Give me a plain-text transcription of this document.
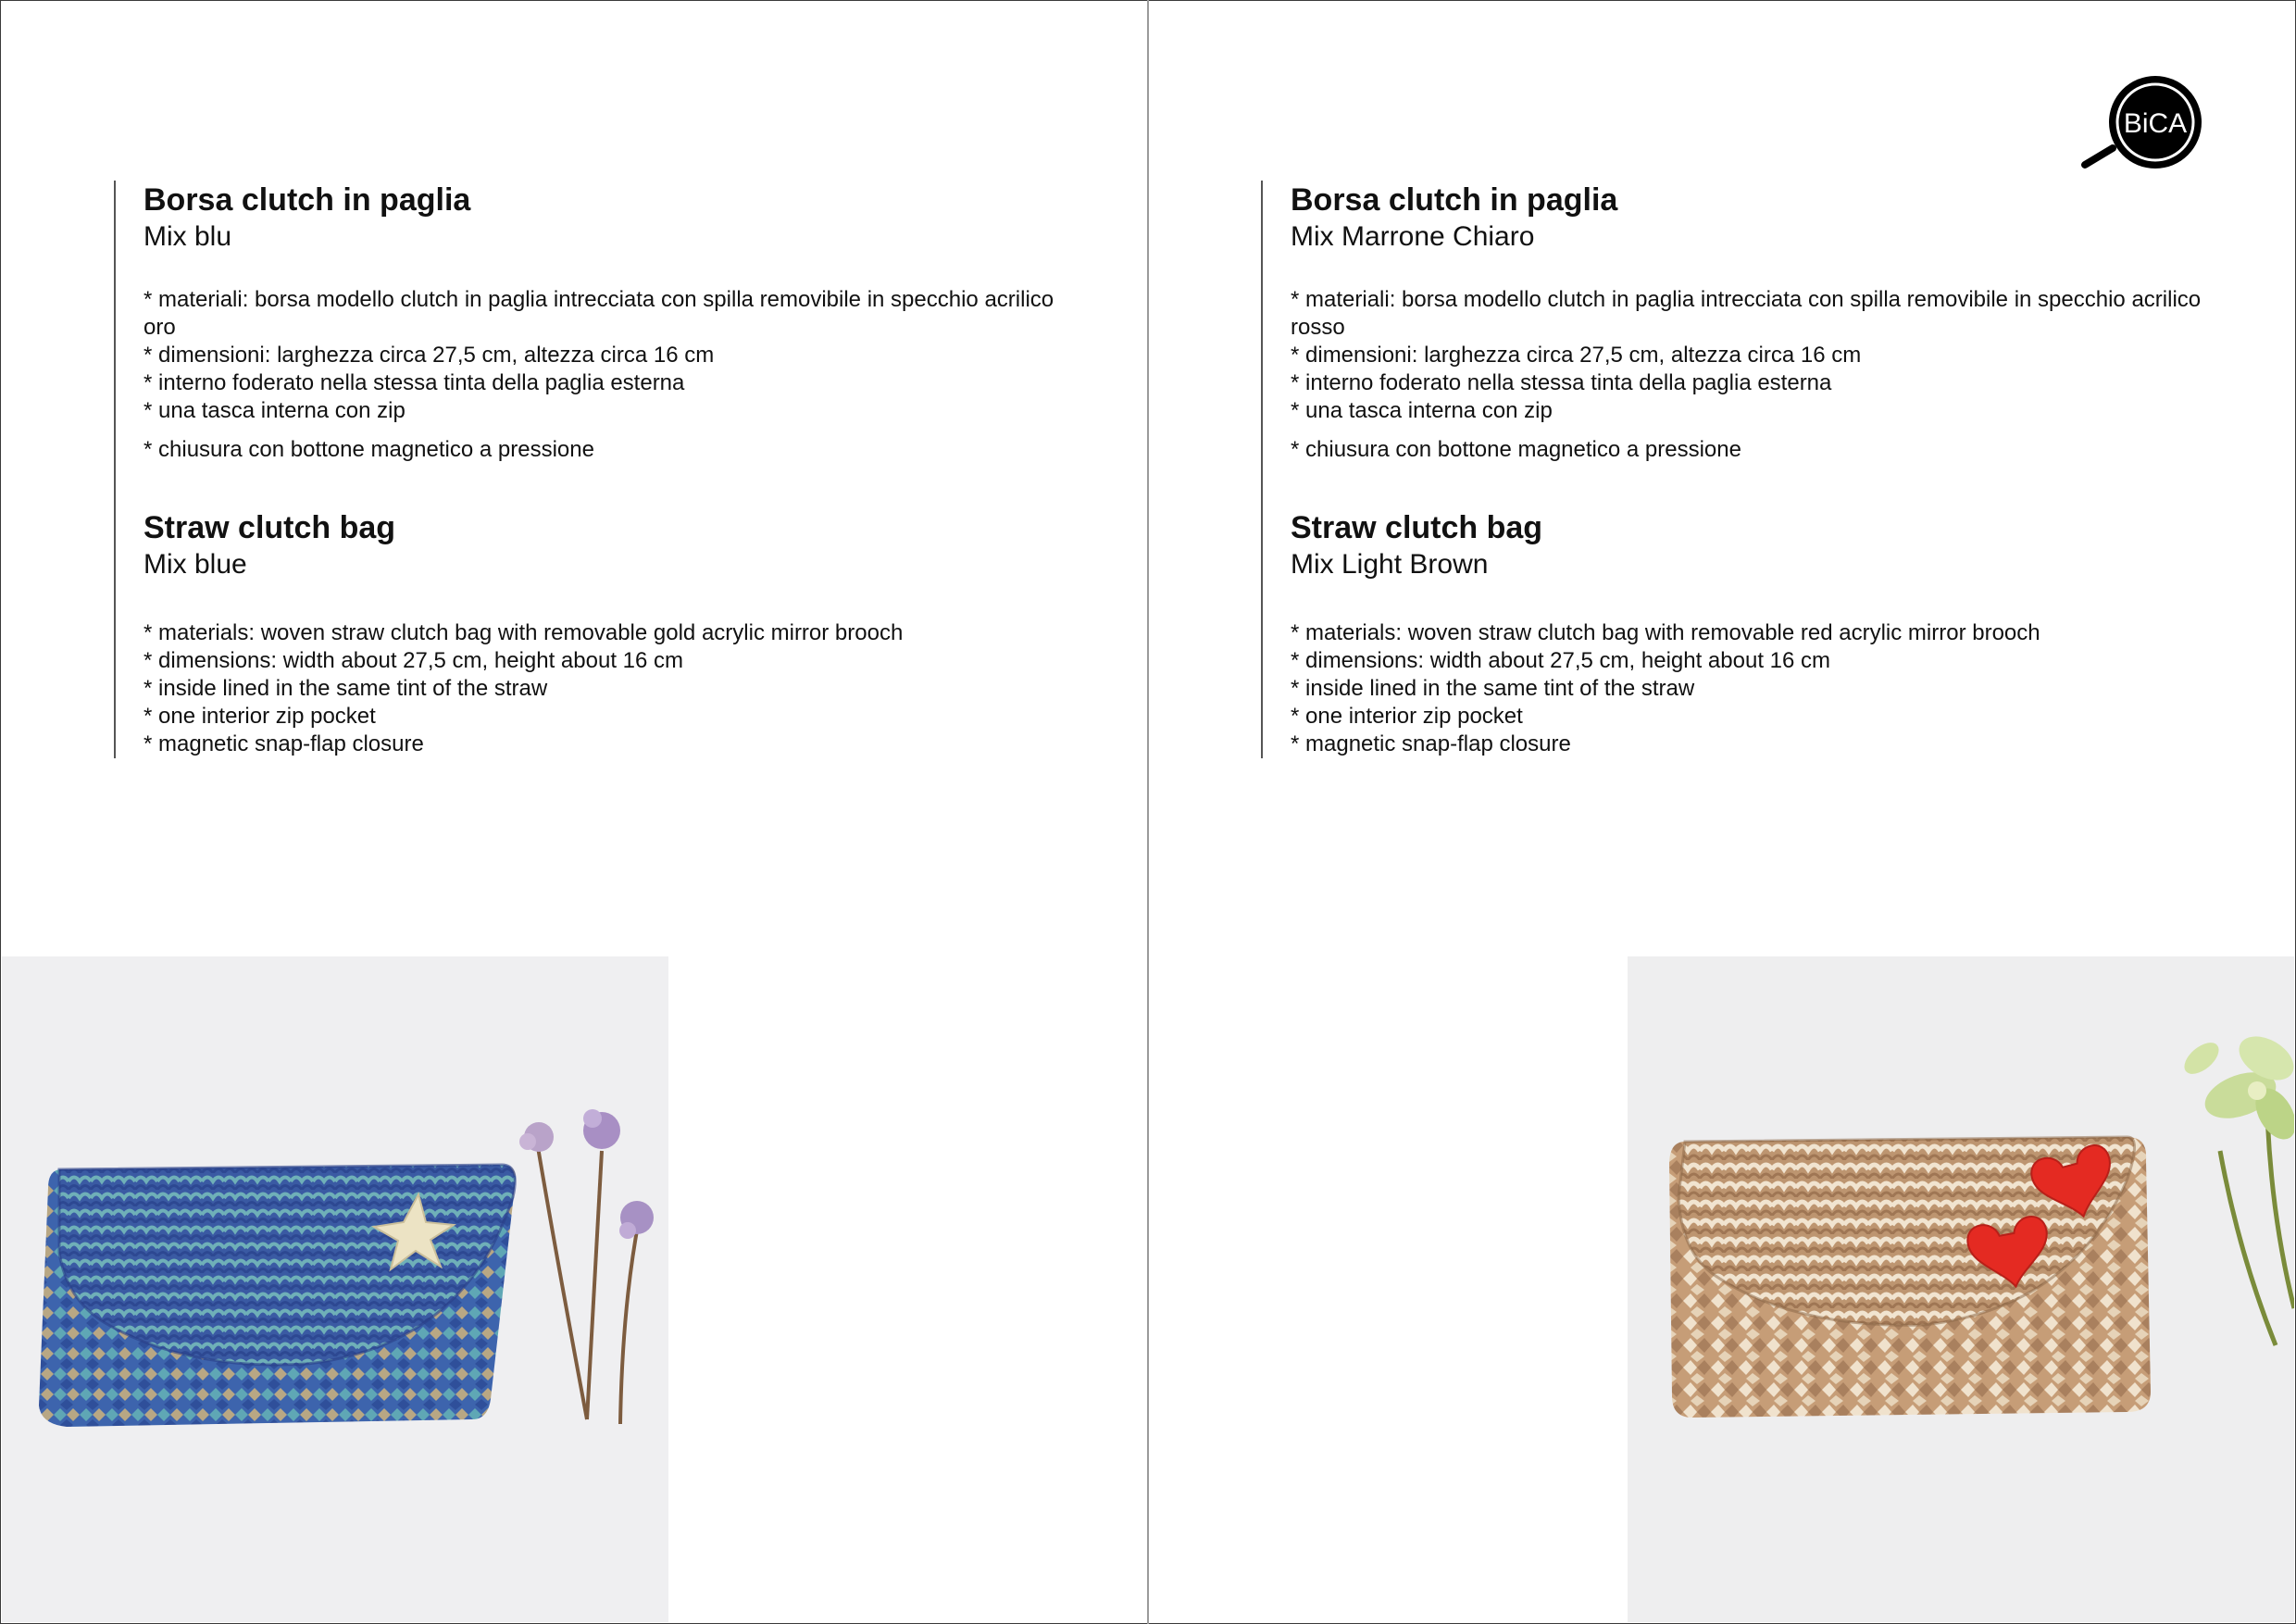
Borsa clutch in paglia

Mix blu

* materiali: borsa modello clutch in paglia intrecciata con spilla removibile in specchio acrilico oro
* dimensioni: larghezza circa 27,5 cm, altezza circa 16 cm
* interno foderato nella stessa tinta della paglia esterna
* una tasca interna con zip
* chiusura con bottone magnetico a pressione
Straw clutch bag

Mix blue

* materials: woven straw clutch bag with removable gold acrylic mirror brooch
* dimensions: width about 27,5 cm, height about 16 cm
* inside lined in the same tint of the straw
* one interior zip pocket
* magnetic snap-flap closure
Borsa clutch in paglia

Mix Marrone Chiaro

* materiali: borsa modello clutch in paglia intrecciata con spilla removibile in specchio acrilico rosso
* dimensioni: larghezza circa 27,5 cm, altezza circa 16 cm
* interno foderato nella stessa tinta della paglia esterna
* una tasca interna con zip
* chiusura con bottone magnetico a pressione
Straw clutch bag

Mix Light Brown

* materials: woven straw clutch bag with removable red acrylic mirror brooch
* dimensions: width about 27,5 cm, height about 16 cm
* inside lined in the same tint of the straw
* one interior zip pocket
* magnetic snap-flap closure
BiCA
